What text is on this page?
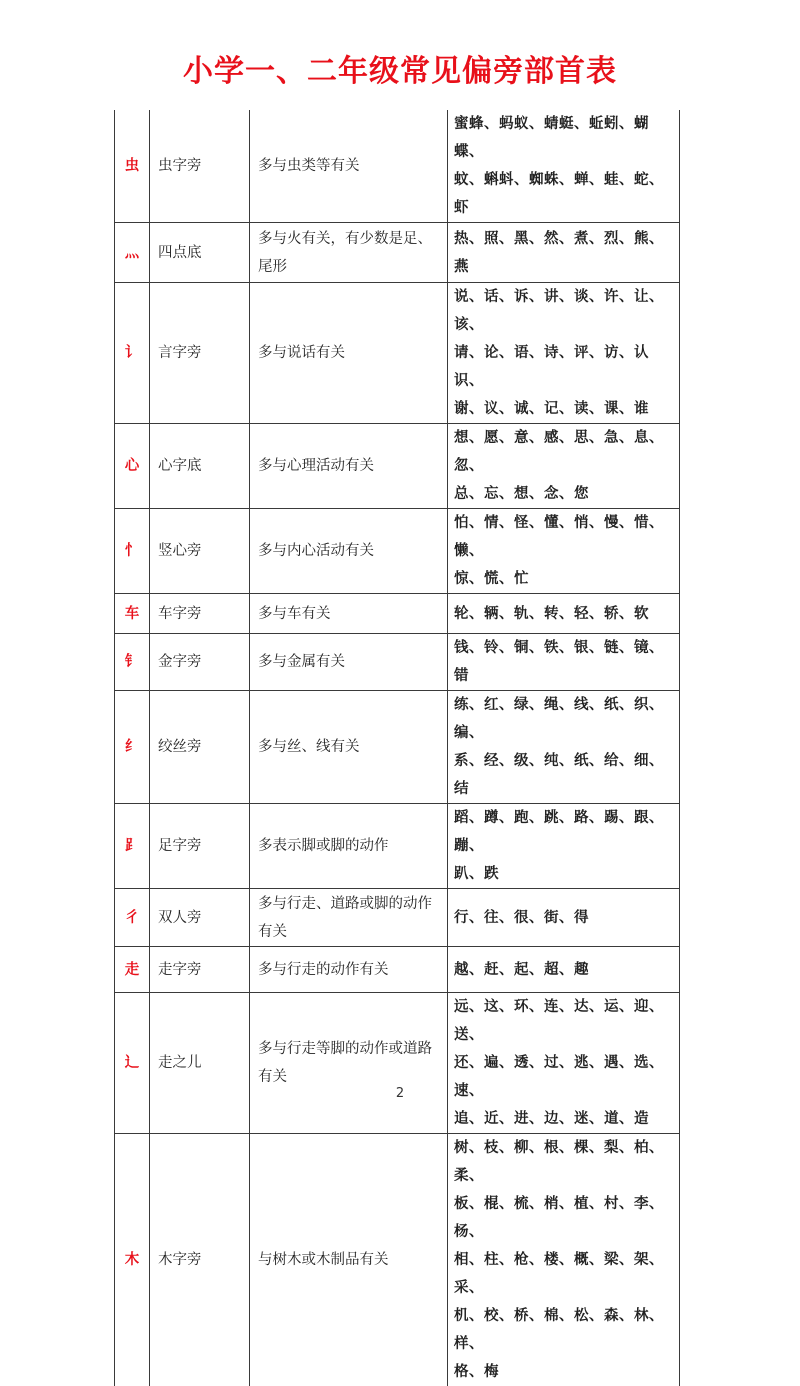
小学一、二年级常见偏旁部首表
虫	虫字旁	多与虫类等有关	蜜蜂、蚂蚁、蜻蜓、蚯蚓、蝴蝶、
蚊、蝌蚪、蜘蛛、蝉、蛙、蛇、虾

灬	四点底	多与火有关，有少数是足、尾形	热、照、黑、然、煮、烈、熊、燕

讠	言字旁	多与说话有关	说、话、诉、讲、谈、许、让、该、
请、论、语、诗、评、访、认识、
谢、议、诚、记、读、课、谁

心	心字底	多与心理活动有关	想、愿、意、感、思、急、息、忽、
总、忘、想、念、您

忄	竖心旁	多与内心活动有关	怕、情、怪、懂、悄、慢、惜、懒、
惊、慌、忙

车	车字旁	多与车有关	轮、辆、轨、转、轻、轿、软

钅	金字旁	多与金属有关	钱、铃、铜、铁、银、链、镜、错

纟	绞丝旁	多与丝、线有关	练、红、绿、绳、线、纸、织、编、
系、经、级、纯、纸、给、细、结

⻊	足字旁	多表示脚或脚的动作	蹈、蹲、跑、跳、路、踢、跟、蹦、
趴、跌

彳	双人旁	多与行走、道路或脚的动作有关	行、往、很、街、得

走	走字旁	多与行走的动作有关	越、赶、起、超、趣

辶	走之儿	多与行走等脚的动作或道路有关	远、这、环、连、达、运、迎、送、
还、遍、透、过、逃、遇、选、速、
追、近、进、边、迷、道、造

木	木字旁	与树木或木制品有关	树、枝、柳、根、棵、梨、柏、柔、
板、棍、梳、梢、植、村、李、杨、
相、柱、枪、楼、概、梁、架、采、
机、校、桥、棉、松、森、林、样、
格、梅
2
